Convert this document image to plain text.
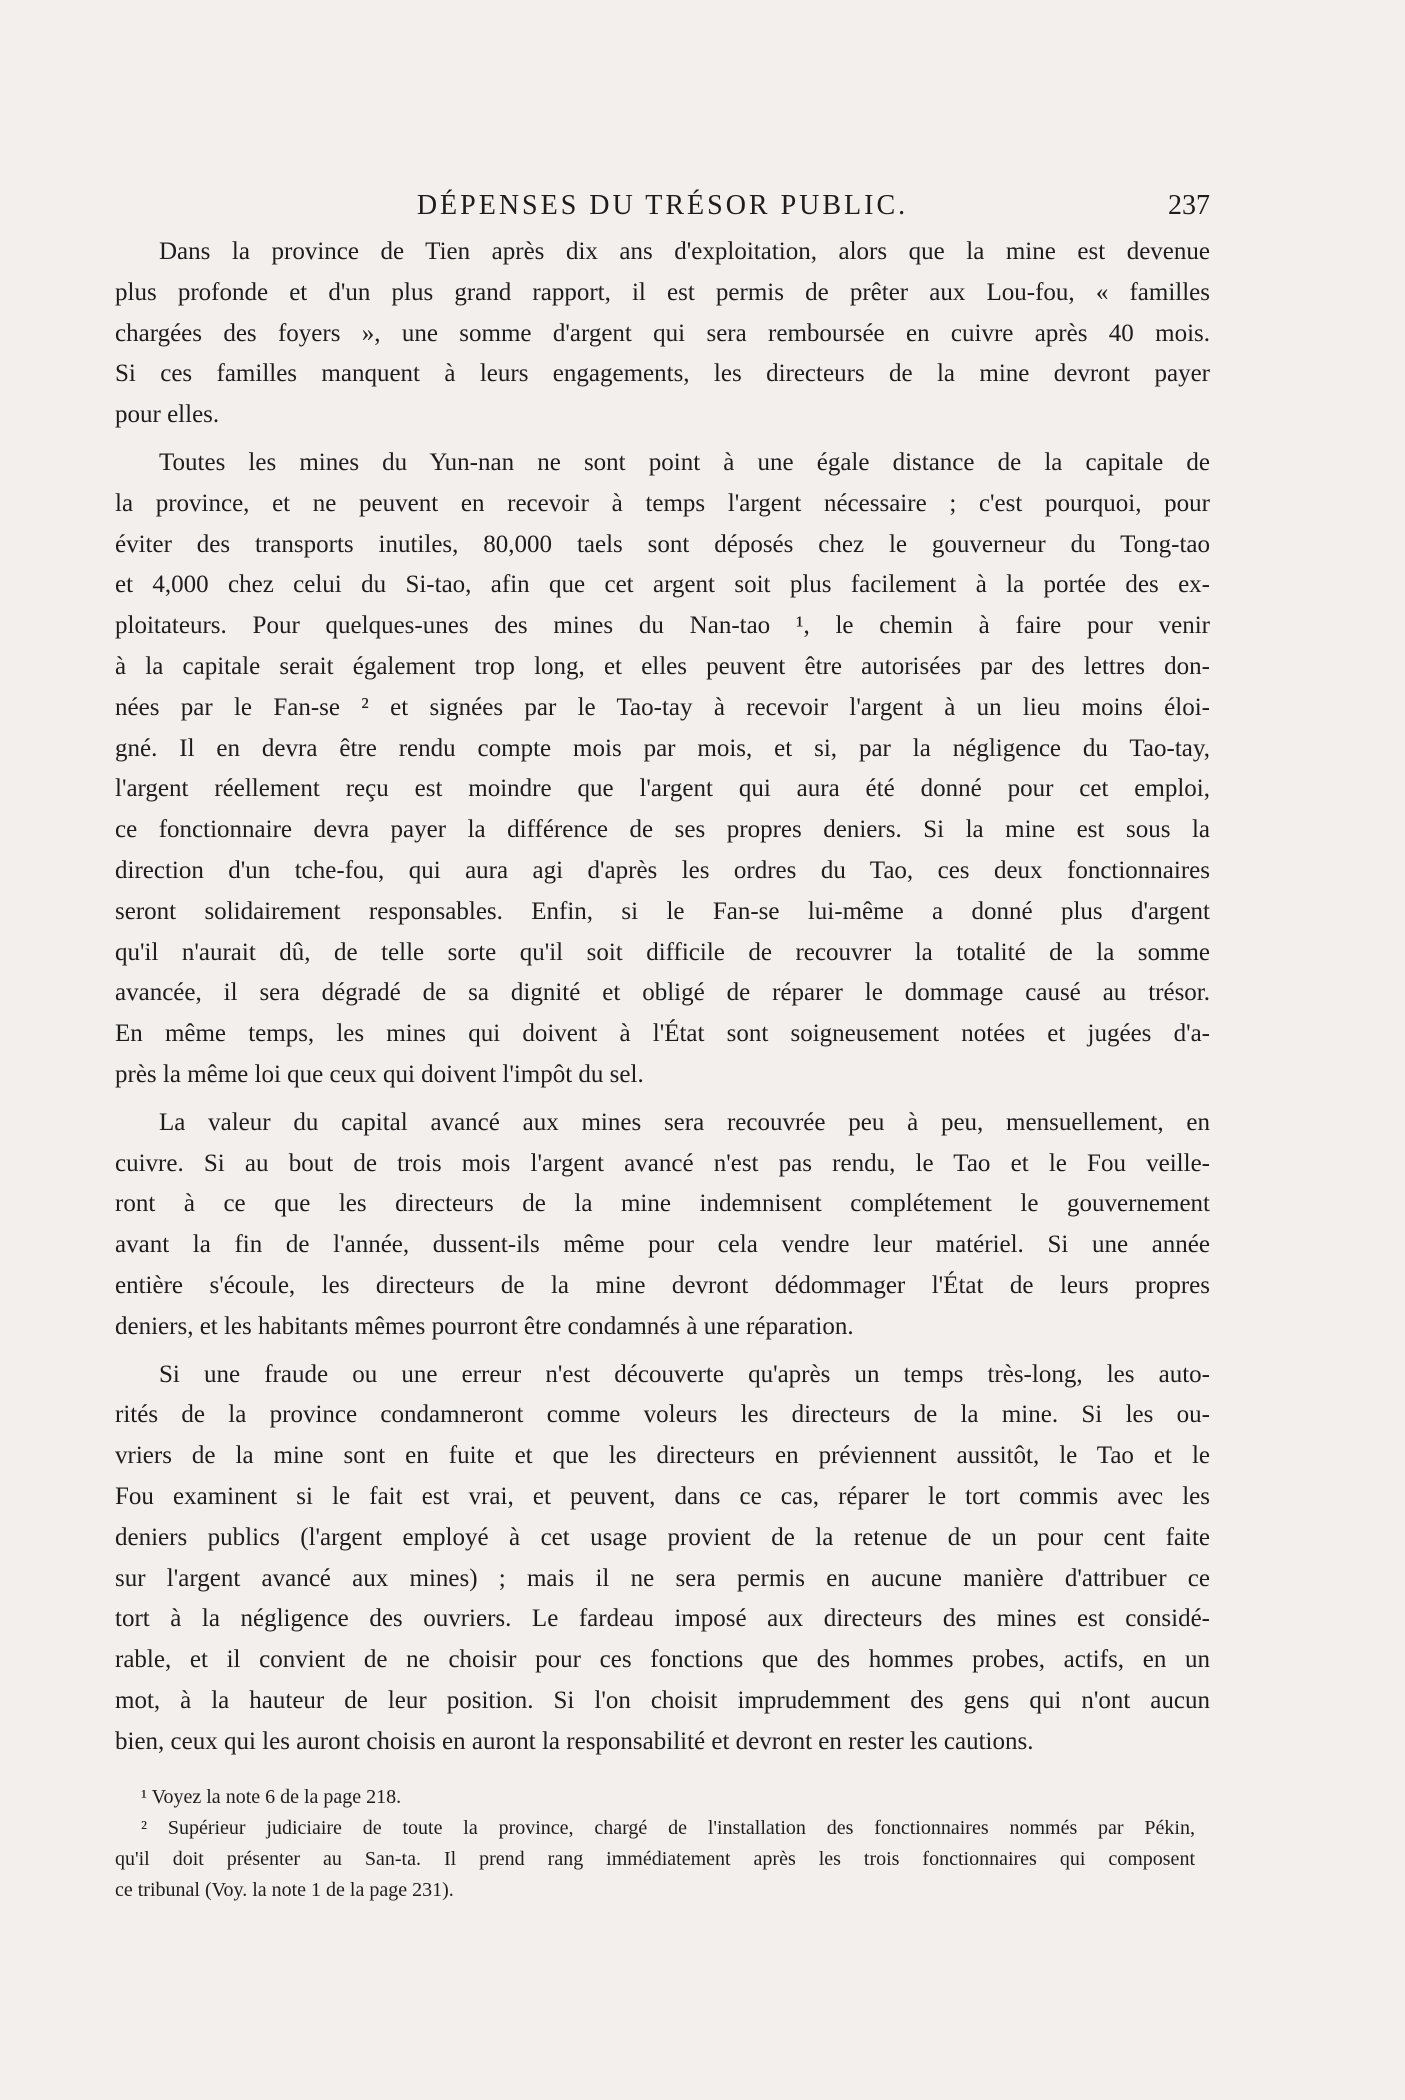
DÉPENSES DU TRÉSOR PUBLIC.	237
Dans la province de Tien après dix ans d'exploitation, alors que la mine est devenue
plus profonde et d'un plus grand rapport, il est permis de prêter aux Lou-fou, « familles
chargées des foyers », une somme d'argent qui sera remboursée en cuivre après 40 mois.
Si ces familles manquent à leurs engagements, les directeurs de la mine devront payer
pour elles.
Toutes les mines du Yun-nan ne sont point à une égale distance de la capitale de
la province, et ne peuvent en recevoir à temps l'argent nécessaire ; c'est pourquoi, pour
éviter des transports inutiles, 80,000 taels sont déposés chez le gouverneur du Tong-tao
et 4,000 chez celui du Si-tao, afin que cet argent soit plus facilement à la portée des ex-
ploitateurs. Pour quelques-unes des mines du Nan-tao ¹, le chemin à faire pour venir
à la capitale serait également trop long, et elles peuvent être autorisées par des lettres don-
nées par le Fan-se ² et signées par le Tao-tay à recevoir l'argent à un lieu moins éloi-
gné. Il en devra être rendu compte mois par mois, et si, par la négligence du Tao-tay,
l'argent réellement reçu est moindre que l'argent qui aura été donné pour cet emploi,
ce fonctionnaire devra payer la différence de ses propres deniers. Si la mine est sous la
direction d'un tche-fou, qui aura agi d'après les ordres du Tao, ces deux fonctionnaires
seront solidairement responsables. Enfin, si le Fan-se lui-même a donné plus d'argent
qu'il n'aurait dû, de telle sorte qu'il soit difficile de recouvrer la totalité de la somme
avancée, il sera dégradé de sa dignité et obligé de réparer le dommage causé au trésor.
En même temps, les mines qui doivent à l'État sont soigneusement notées et jugées d'a-
près la même loi que ceux qui doivent l'impôt du sel.
La valeur du capital avancé aux mines sera recouvrée peu à peu, mensuellement, en
cuivre. Si au bout de trois mois l'argent avancé n'est pas rendu, le Tao et le Fou veille-
ront à ce que les directeurs de la mine indemnisent complétement le gouvernement
avant la fin de l'année, dussent-ils même pour cela vendre leur matériel. Si une année
entière s'écoule, les directeurs de la mine devront dédommager l'État de leurs propres
deniers, et les habitants mêmes pourront être condamnés à une réparation.
Si une fraude ou une erreur n'est découverte qu'après un temps très-long, les auto-
rités de la province condamneront comme voleurs les directeurs de la mine. Si les ou-
vriers de la mine sont en fuite et que les directeurs en préviennent aussitôt, le Tao et le
Fou examinent si le fait est vrai, et peuvent, dans ce cas, réparer le tort commis avec les
deniers publics (l'argent employé à cet usage provient de la retenue de un pour cent faite
sur l'argent avancé aux mines) ; mais il ne sera permis en aucune manière d'attribuer ce
tort à la négligence des ouvriers. Le fardeau imposé aux directeurs des mines est considé-
rable, et il convient de ne choisir pour ces fonctions que des hommes probes, actifs, en un
mot, à la hauteur de leur position. Si l'on choisit imprudemment des gens qui n'ont aucun
bien, ceux qui les auront choisis en auront la responsabilité et devront en rester les cautions.
¹ Voyez la note 6 de la page 218.
² Supérieur judiciaire de toute la province, chargé de l'installation des fonctionnaires nommés par Pékin,
qu'il doit présenter au San-ta. Il prend rang immédiatement après les trois fonctionnaires qui composent
ce tribunal (Voy. la note 1 de la page 231).
